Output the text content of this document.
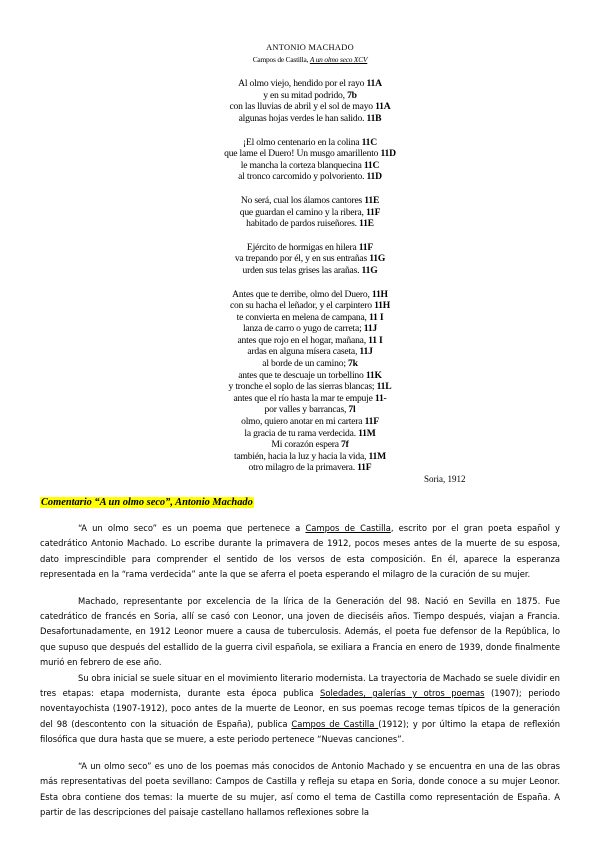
ANTONIO MACHADO
Campos de Castilla, A un olmo seco XCV
Al olmo viejo, hendido por el rayo 11A
y en su mitad podrido, 7b
con las lluvias de abril y el sol de mayo 11A
algunas hojas verdes le han salido. 11B
¡El olmo centenario en la colina 11C
que lame el Duero! Un musgo amarillento 11D
le mancha la corteza blanquecina 11C
al tronco carcomido y polvoriento. 11D
No será, cual los álamos cantores 11E
que guardan el camino y la ribera, 11F
habitado de pardos ruiseñores. 11E
Ejército de hormigas en hilera 11F
va trepando por él, y en sus entrañas 11G
urden sus telas grises las arañas. 11G
Antes que te derribe, olmo del Duero, 11H
con su hacha el leñador, y el carpintero 11H
te convierta en melena de campana, 11 I
lanza de carro o yugo de carreta; 11J
antes que rojo en el hogar, mañana, 11 I
ardas en alguna mísera caseta, 11J
al borde de un camino; 7k
antes que te descuaje un torbellino 11K
y tronche el soplo de las sierras blancas; 11L
antes que el río hasta la mar te empuje 11-
por valles y barrancas, 7l
olmo, quiero anotar en mi cartera 11F
la gracia de tu rama verdecida. 11M
Mi corazón espera 7f
también, hacia la luz y hacia la vida, 11M
otro milagro de la primavera. 11F
Soria, 1912
Comentario “A un olmo seco”, Antonio Machado

“A un olmo seco” es un poema que pertenece a Campos de Castilla, escrito por el gran poeta español y catedrático Antonio Machado. Lo escribe durante la primavera de 1912, pocos meses antes de la muerte de su esposa, dato imprescindible para comprender el sentido de los versos de esta composición. En él, aparece la esperanza representada en la “rama verdecida” ante la que se aferra el poeta esperando el milagro de la curación de su mujer.

Machado, representante por excelencia de la lírica de la Generación del 98. Nació en Sevilla en 1875. Fue catedrático de francés en Soria, allí se casó con Leonor, una joven de dieciséis años. Tiempo después, viajan a Francia. Desafortunadamente, en 1912 Leonor muere a causa de tuberculosis. Además, el poeta fue defensor de la República, lo que supuso que después del estallido de la guerra civil española, se exiliara a Francia en enero de 1939, donde finalmente murió en febrero de ese año.

Su obra inicial se suele situar en el movimiento literario modernista. La trayectoria de Machado se suele dividir en tres etapas: etapa modernista, durante esta época publica Soledades, galerías y otros poemas (1907); periodo noventayochista (1907-1912), poco antes de la muerte de Leonor, en sus poemas recoge temas típicos de la generación del 98 (descontento con la situación de España), publica Campos de Castilla (1912); y por último la etapa de reflexión filosófica que dura hasta que se muere, a este periodo pertenece “Nuevas canciones”.

“A un olmo seco” es uno de los poemas más conocidos de Antonio Machado y se encuentra en una de las obras más representativas del poeta sevillano: Campos de Castilla y refleja su etapa en Soria, donde conoce a su mujer Leonor. Esta obra contiene dos temas: la muerte de su mujer, así como el tema de Castilla como representación de España. A partir de las descripciones del paisaje castellano hallamos reflexiones sobre la
